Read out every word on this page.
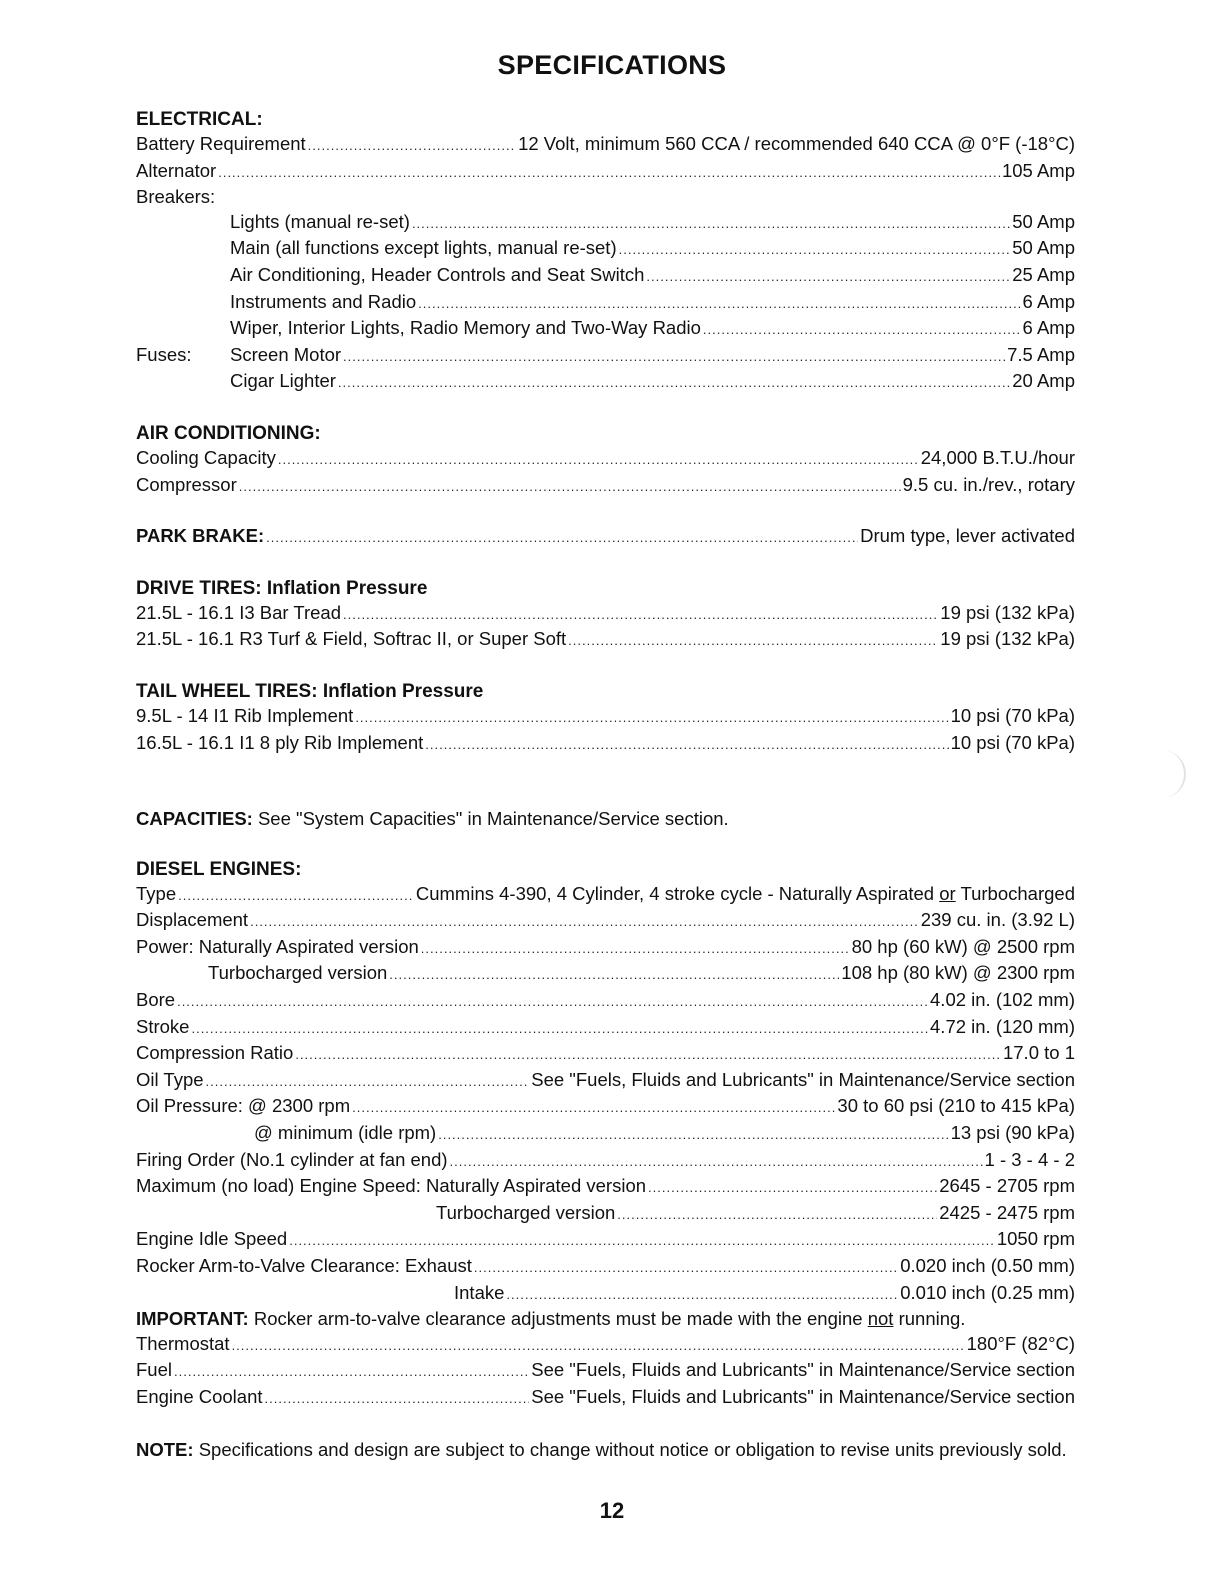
SPECIFICATIONS
ELECTRICAL:
Battery Requirement .....	12 Volt, minimum 560 CCA / recommended 640 CCA @ 0°F (-18°C)
Alternator .....	105 Amp
Breakers:
Lights (manual re-set) .....	50 Amp
Main (all functions except lights, manual re-set) .....	50 Amp
Air Conditioning, Header Controls and Seat Switch .....	25 Amp
Instruments and Radio .....	6 Amp
Wiper, Interior Lights, Radio Memory and Two-Way Radio .....	6 Amp
Fuses:	Screen Motor .....	7.5 Amp
Cigar Lighter .....	20 Amp
AIR CONDITIONING:
Cooling Capacity .....	24,000 B.T.U./hour
Compressor .....	9.5 cu. in./rev., rotary
PARK BRAKE: .....	Drum type, lever activated
DRIVE TIRES: Inflation Pressure
21.5L - 16.1 I3 Bar Tread .....	19 psi (132 kPa)
21.5L - 16.1 R3 Turf & Field, Softrac II, or Super Soft .....	19 psi (132 kPa)
TAIL WHEEL TIRES: Inflation Pressure
9.5L - 14 I1 Rib Implement .....	10 psi (70 kPa)
16.5L - 16.1 I1 8 ply Rib Implement .....	10 psi (70 kPa)
CAPACITIES: See "System Capacities" in Maintenance/Service section.
DIESEL ENGINES:
Type .....	Cummins 4-390, 4 Cylinder, 4 stroke cycle - Naturally Aspirated or Turbocharged
Displacement .....	239 cu. in. (3.92 L)
Power: Naturally Aspirated version .....	80 hp (60 kW) @ 2500 rpm
Turbocharged version .....	108 hp (80 kW) @ 2300 rpm
Bore .....	4.02 in. (102 mm)
Stroke .....	4.72 in. (120 mm)
Compression Ratio .....	17.0 to 1
Oil Type .....	See "Fuels, Fluids and Lubricants" in Maintenance/Service section
Oil Pressure: @ 2300 rpm .....	30 to 60 psi (210 to 415 kPa)
@ minimum (idle rpm) .....	13 psi (90 kPa)
Firing Order (No.1 cylinder at fan end) .....	1 - 3 - 4 - 2
Maximum (no load) Engine Speed: Naturally Aspirated version .....	2645 - 2705 rpm
Turbocharged version .....	2425 - 2475 rpm
Engine Idle Speed .....	1050 rpm
Rocker Arm-to-Valve Clearance: Exhaust .....	0.020 inch (0.50 mm)
Intake .....	0.010 inch (0.25 mm)
IMPORTANT: Rocker arm-to-valve clearance adjustments must be made with the engine not running.
Thermostat .....	180°F (82°C)
Fuel .....	See "Fuels, Fluids and Lubricants" in Maintenance/Service section
Engine Coolant .....	See "Fuels, Fluids and Lubricants" in Maintenance/Service section
NOTE: Specifications and design are subject to change without notice or obligation to revise units previously sold.
12
